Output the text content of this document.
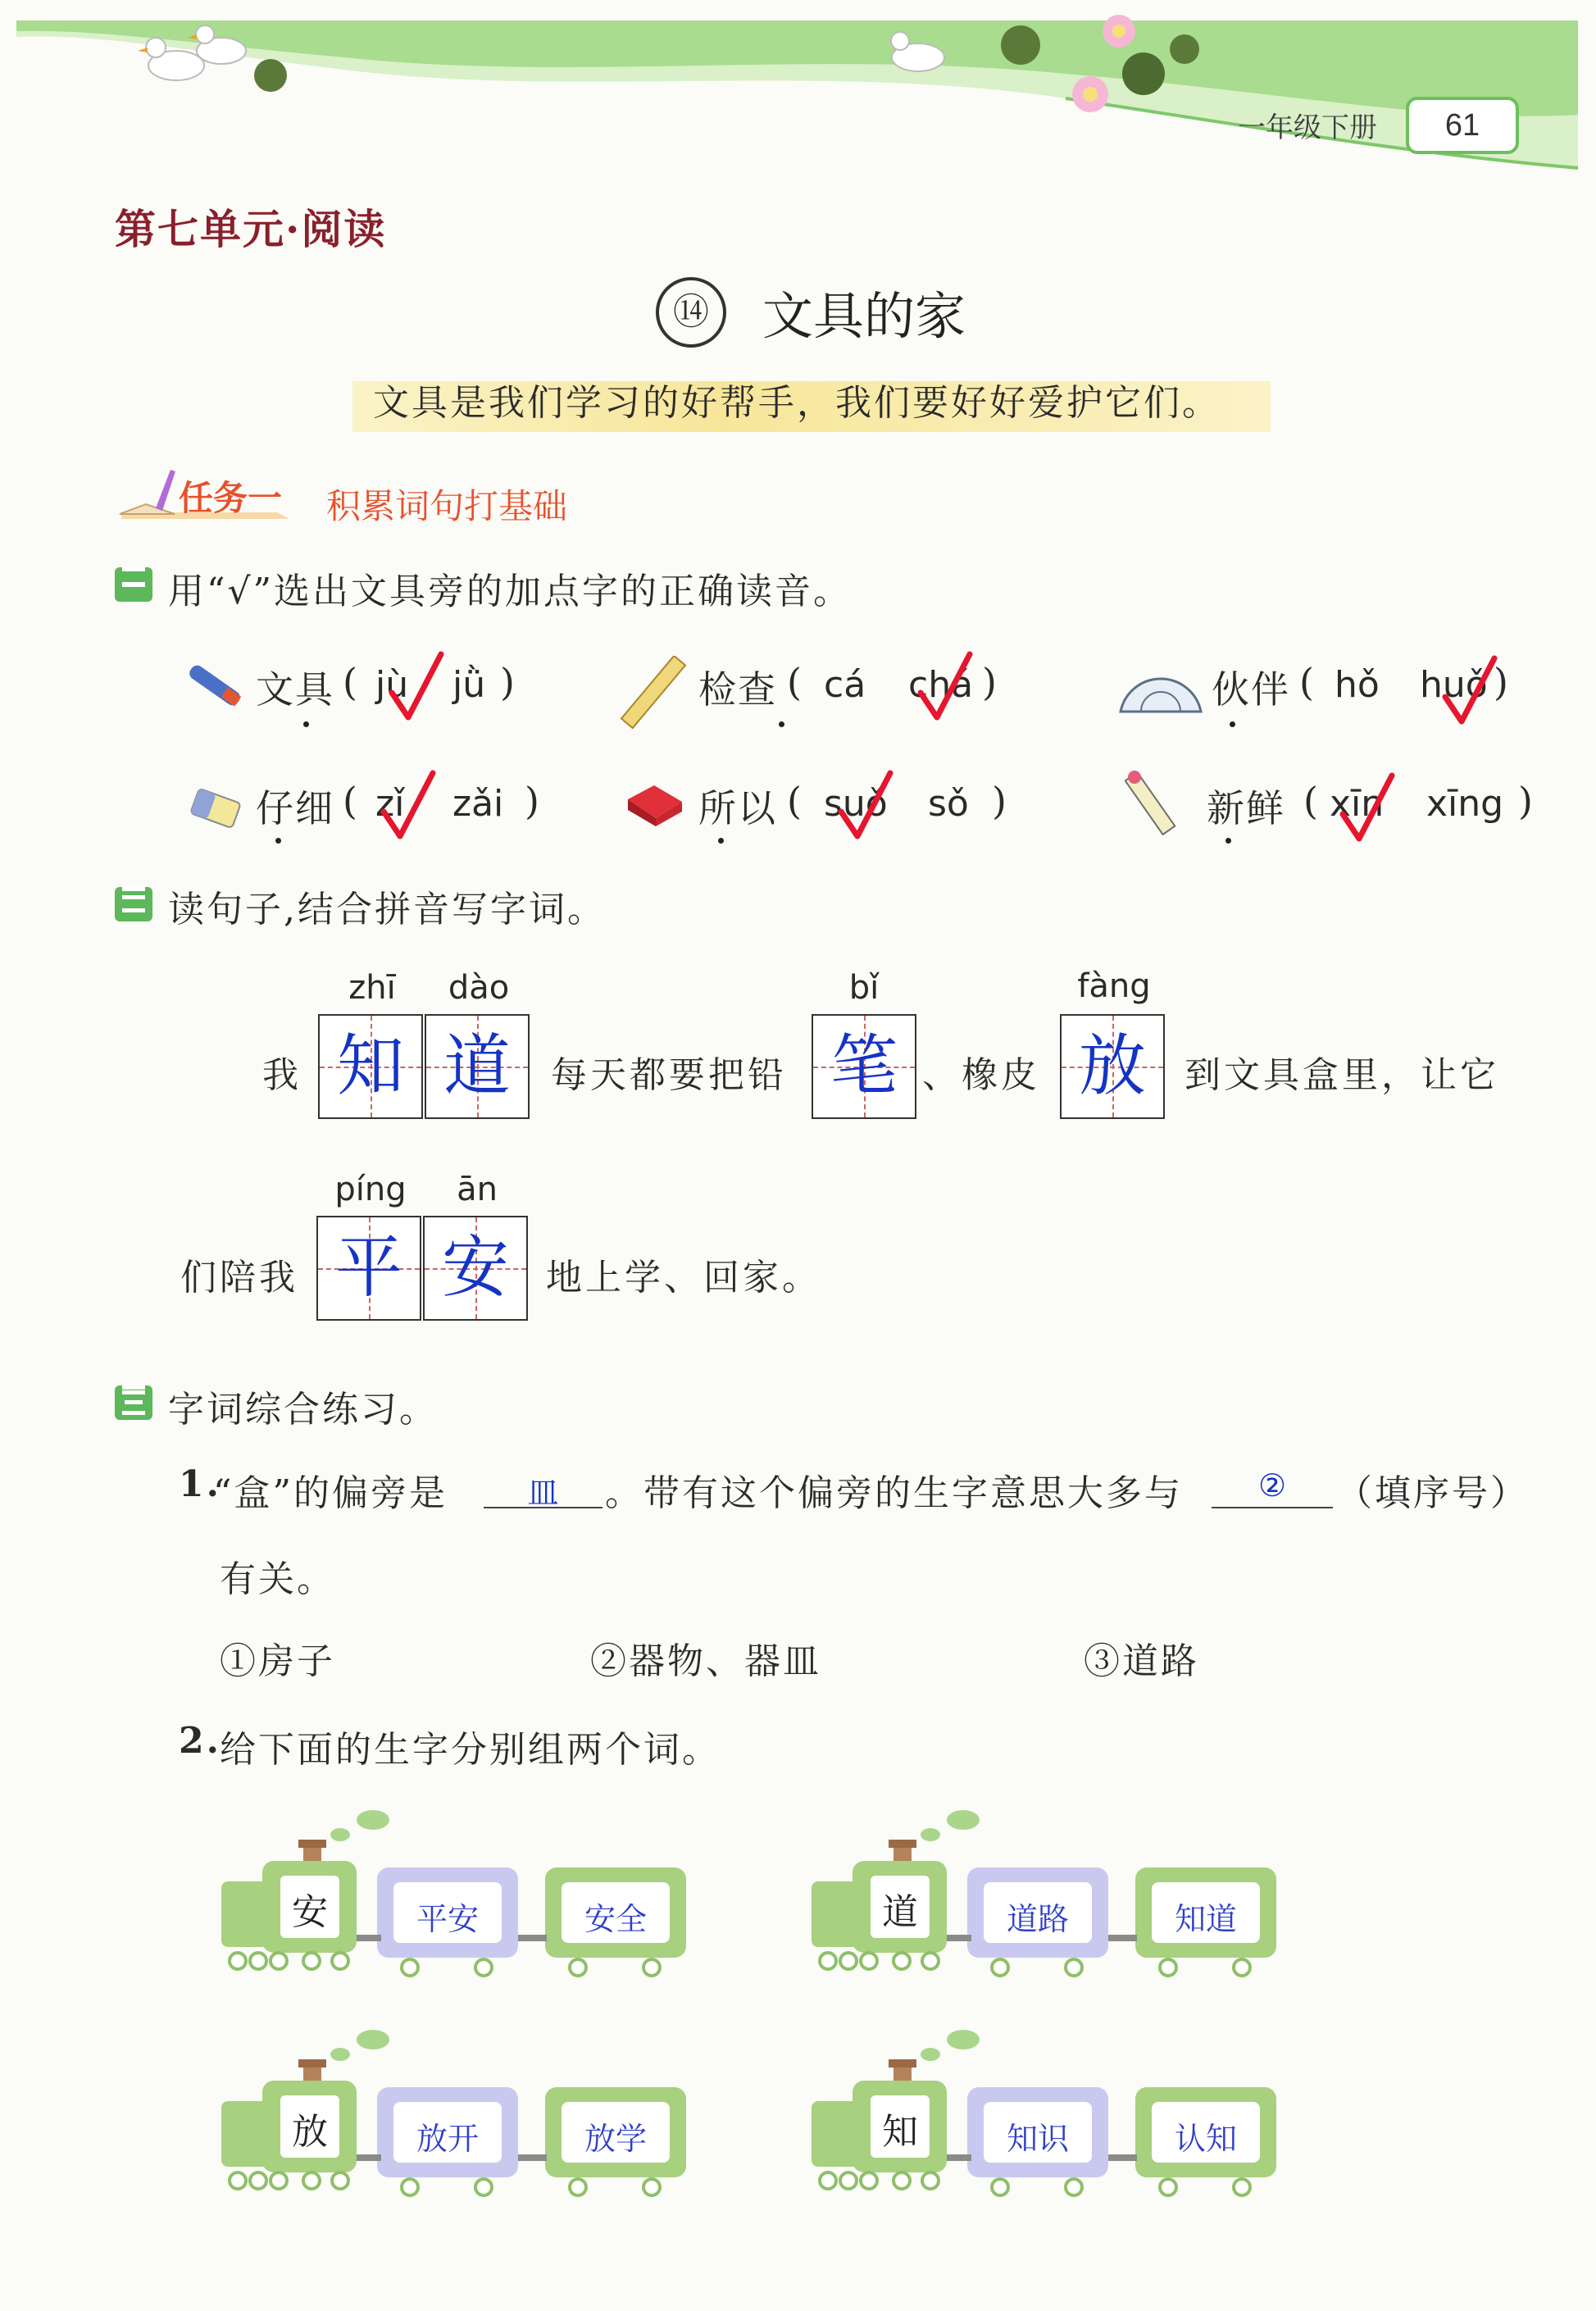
一年级下册	61
第七单元·阅读
⑭	文具的家
文具是我们学习的好帮手，我们要好好爱护它们。
任务一 积累词句打基础
用“√”选出文具旁的加点字的正确读音。
文具 ( jù jǜ )	检查 ( cá chá )	伙伴 ( hǒ huǒ )
仔细 ( zǐ zǎi )	所以 ( suǒ sǒ )	新鲜 ( xīn xīng )
读句子,结合拼音写字词。
zhī	dào	bǐ	fàng
我 知 道	每天都要把铅 笔 、橡皮 放	到文具盒里，让它
píng	ān
们陪我 平 安	地上学、回家。
字词综合练习。
1.
“盒”的偏旁是	皿	。带有这个偏旁的生字意思大多与	②	（填序号）
有关。
①房子	②器物、器皿	③道路
2.
给下面的生字分别组两个词。
安	平安	安全	道	道路	知道
放	放开	放学	知	知识	认知
